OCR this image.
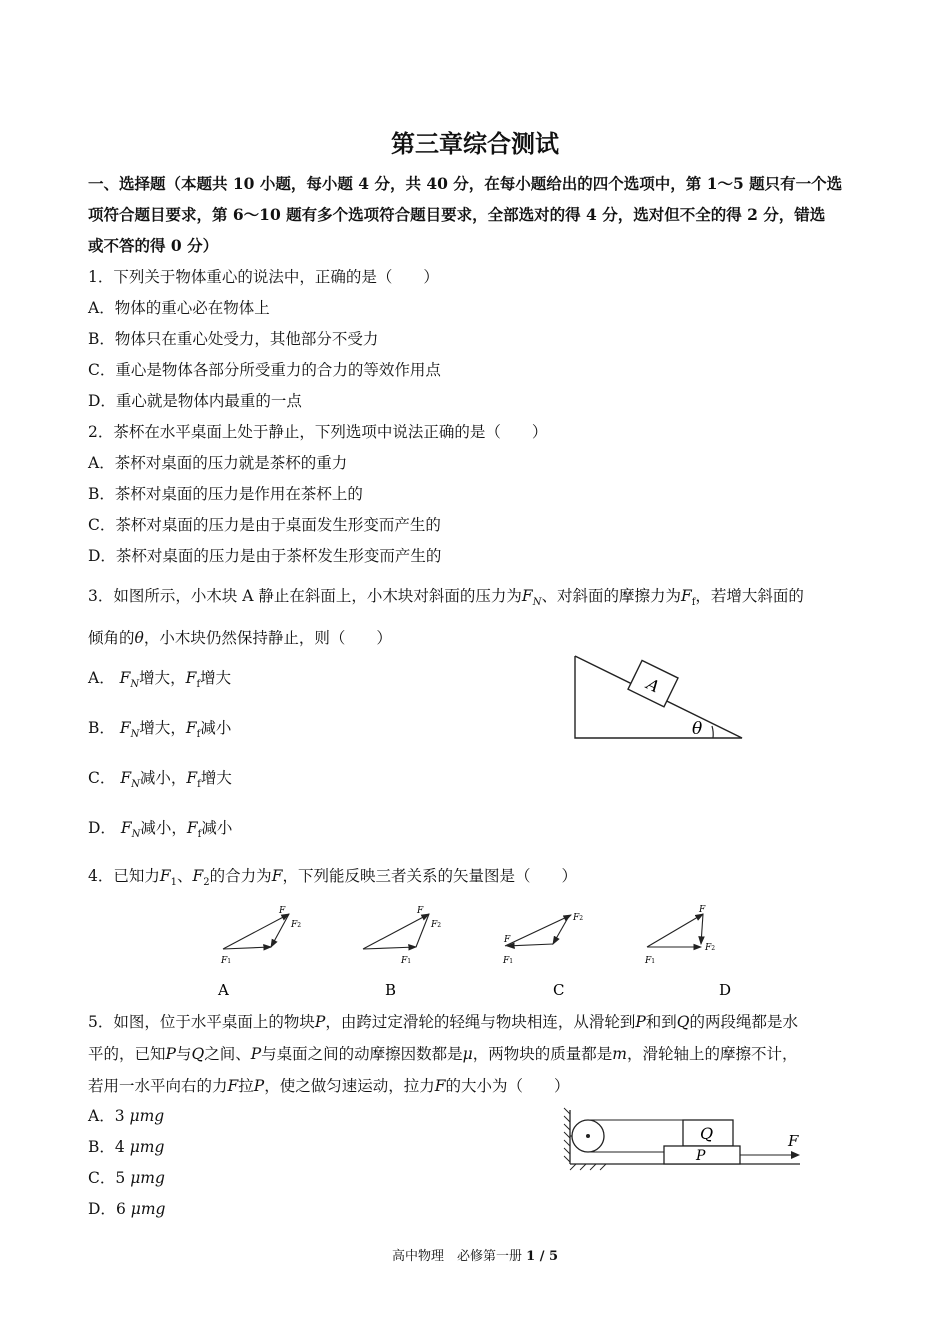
第三章综合测试
一、选择题（本题共 10 小题，每小题 4 分，共 40 分，在每小题给出的四个选项中，第 1～5 题只有一个选
项符合题目要求，第 6～10 题有多个选项符合题目要求，全部选对的得 4 分，选对但不全的得 2 分，错选
或不答的得 0 分）
1．下列关于物体重心的说法中，正确的是（　　）
A．物体的重心必在物体上
B．物体只在重心处受力，其他部分不受力
C．重心是物体各部分所受重力的合力的等效作用点
D．重心就是物体内最重的一点
2．茶杯在水平桌面上处于静止，下列选项中说法正确的是（　　）
A．茶杯对桌面的压力就是茶杯的重力
B．茶杯对桌面的压力是作用在茶杯上的
C．茶杯对桌面的压力是由于桌面发生形变而产生的
D．茶杯对桌面的压力是由于茶杯发生形变而产生的
3．如图所示，小木块 A 静止在斜面上，小木块对斜面的压力为$F_N$、对斜面的摩擦力为$F_f$，若增大斜面的
倾角的θ，小木块仍然保持静止，则（　　）
A． $F_N$增大，$F_f$增大
B． $F_N$增大，$F_f$减小
C． $F_N$减小，$F_f$增大
D． $F_N$减小，$F_f$减小
A
θ
4．已知力$F_1$、$F_2$的合力为F，下列能反映三者关系的矢量图是（　　）
F
F2
F1
A
F
F2
F1
B
F
F2
F1
C
F
F2
F1
D
5．如图，位于水平桌面上的物块P，由跨过定滑轮的轻绳与物块相连，从滑轮到P和到Q的两段绳都是水
平的，已知P与Q之间、P与桌面之间的动摩擦因数都是μ，两物块的质量都是m，滑轮轴上的摩擦不计，
若用一水平向右的力F拉P，使之做匀速运动，拉力F的大小为（　　）
A．3 μmg
B．4 μmg
C．5 μmg
D．6 μmg
Q
P
F
高中物理　必修第一册 1 / 5
